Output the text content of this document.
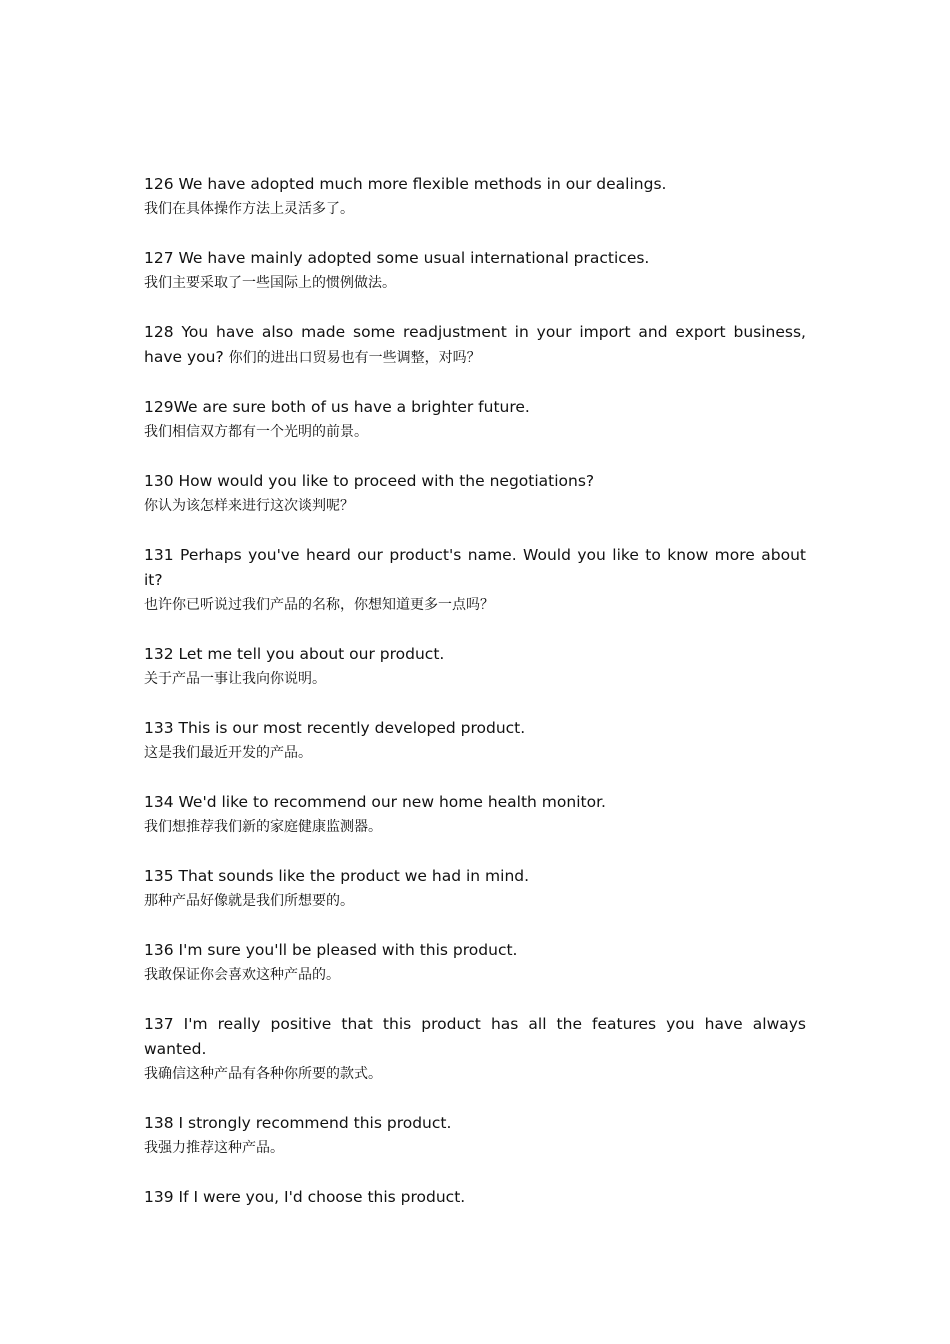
126 We have adopted much more flexible methods in our dealings.

我们在具体操作方法上灵活多了。

127 We have mainly adopted some usual international practices.

我们主要采取了一些国际上的惯例做法。

128 You have also made some readjustment in your import and export business, have you? 你们的进出口贸易也有一些调整，对吗？

129We are sure both of us have a brighter future.

我们相信双方都有一个光明的前景。

130 How would you like to proceed with the negotiations?

你认为该怎样来进行这次谈判呢？

131 Perhaps you've heard our product's name. Would you like to know more about it?

也许你已听说过我们产品的名称，你想知道更多一点吗？

132 Let me tell you about our product.

关于产品一事让我向你说明。

133 This is our most recently developed product.

这是我们最近开发的产品。

134 We'd like to recommend our new home health monitor.

我们想推荐我们新的家庭健康监测器。

135 That sounds like the product we had in mind.

那种产品好像就是我们所想要的。

136 I'm sure you'll be pleased with this product.

我敢保证你会喜欢这种产品的。

137 I'm really positive that this product has all the features you have always wanted.

我确信这种产品有各种你所要的款式。

138 I strongly recommend this product.

我强力推荐这种产品。

139 If I were you, I'd choose this product.
